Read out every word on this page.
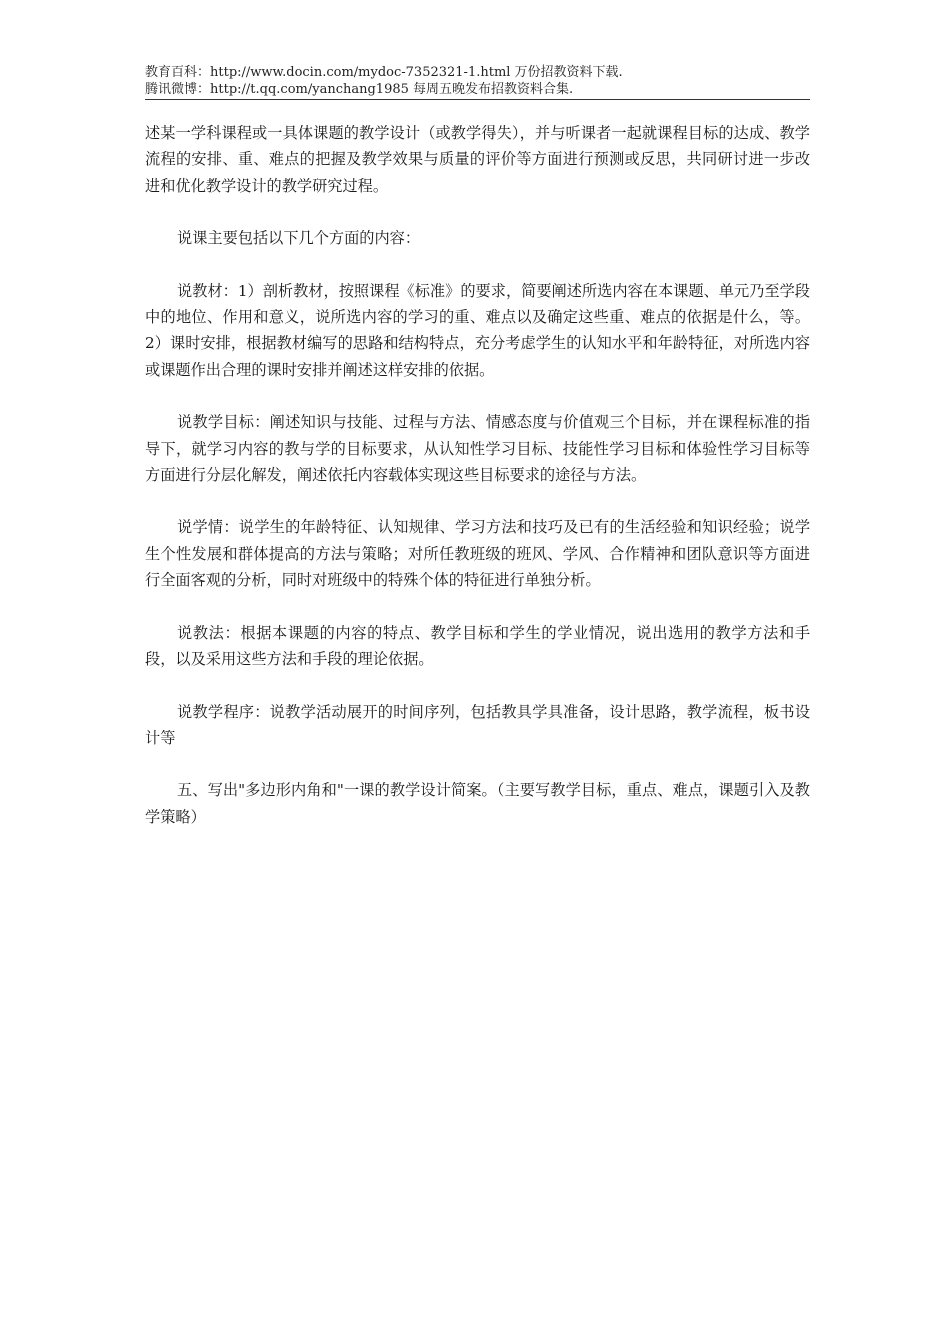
教育百科：http://www.docin.com/mydoc-7352321-1.html 万份招教资料下载.
腾讯微博：http://t.qq.com/yanchang1985 每周五晚发布招教资料合集.

述某一学科课程或一具体课题的教学设计（或教学得失），并与听课者一起就课程目标的达成、教学流程的安排、重、难点的把握及教学效果与质量的评价等方面进行预测或反思，共同研讨进一步改进和优化教学设计的教学研究过程。

说课主要包括以下几个方面的内容：

说教材：1）剖析教材，按照课程《标准》的要求，简要阐述所选内容在本课题、单元乃至学段中的地位、作用和意义，说所选内容的学习的重、难点以及确定这些重、难点的依据是什么，等。2）课时安排，根据教材编写的思路和结构特点，充分考虑学生的认知水平和年龄特征，对所选内容或课题作出合理的课时安排并阐述这样安排的依据。

说教学目标：阐述知识与技能、过程与方法、情感态度与价值观三个目标，并在课程标准的指导下，就学习内容的教与学的目标要求，从认知性学习目标、技能性学习目标和体验性学习目标等方面进行分层化解发，阐述依托内容载体实现这些目标要求的途径与方法。

说学情：说学生的年龄特征、认知规律、学习方法和技巧及已有的生活经验和知识经验；说学生个性发展和群体提高的方法与策略；对所任教班级的班风、学风、合作精神和团队意识等方面进行全面客观的分析，同时对班级中的特殊个体的特征进行单独分析。

说教法：根据本课题的内容的特点、教学目标和学生的学业情况，说出选用的教学方法和手段，以及采用这些方法和手段的理论依据。

说教学程序：说教学活动展开的时间序列，包括教具学具准备，设计思路，教学流程，板书设计等

五、写出"多边形内角和"一课的教学设计简案。（主要写教学目标，重点、难点，课题引入及教学策略）
